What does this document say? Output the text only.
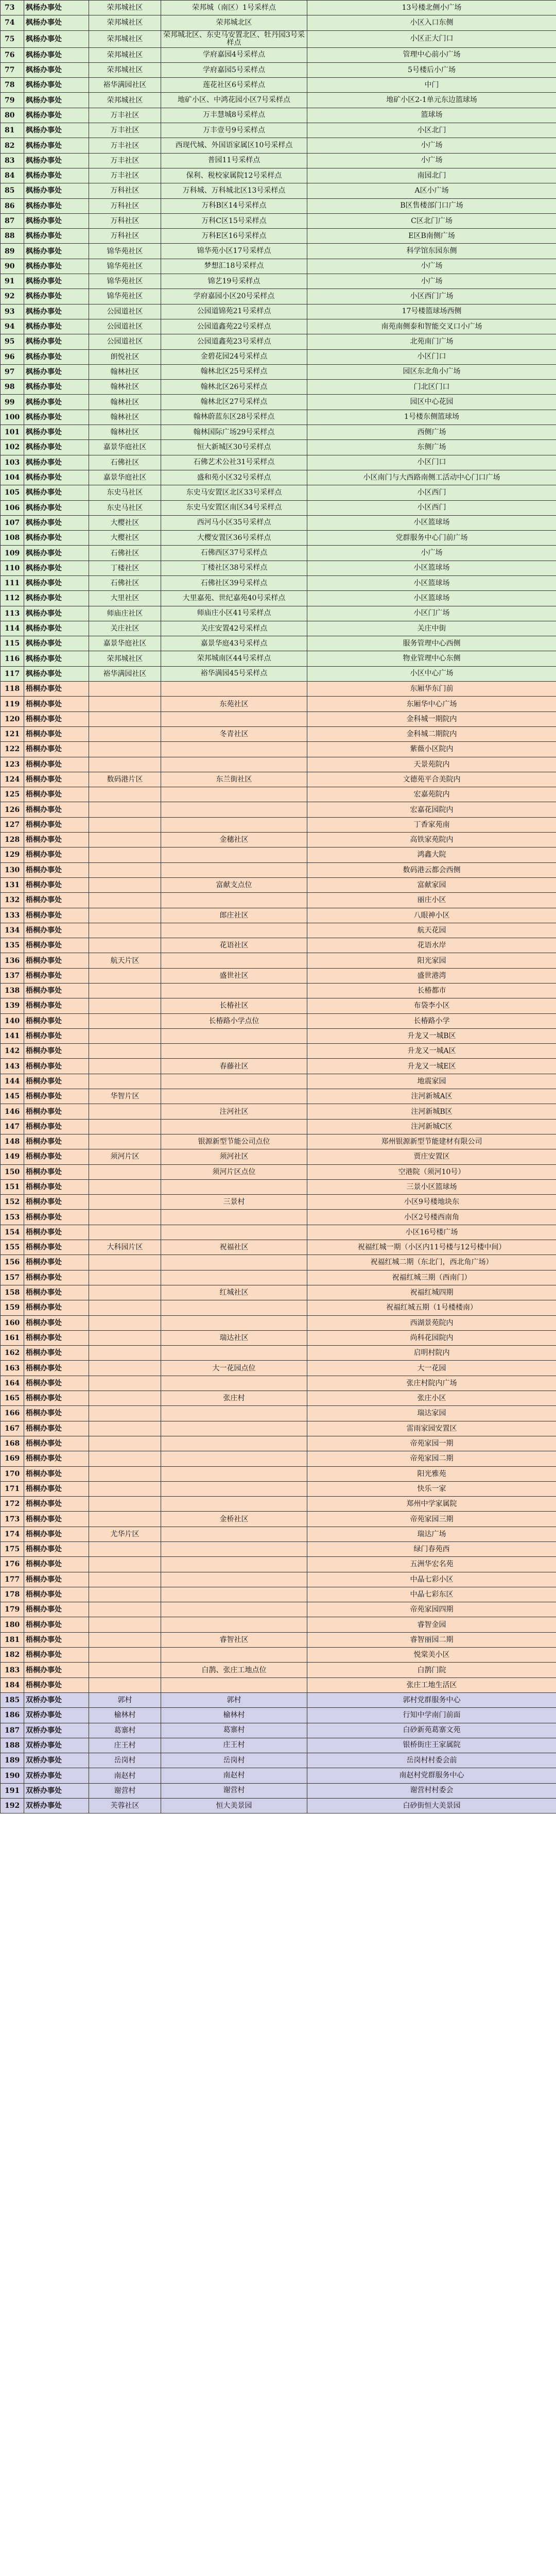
73	枫杨办事处	荣邦城社区	荣邦城（南区）1号采样点	13号楼北侧小广场
74	枫杨办事处	荣邦城社区	荣邦城北区	小区入口东侧
75	枫杨办事处	荣邦城社区	荣邦城北区、东史马安置北区、牡丹园3号采样点	小区正大门口
76	枫杨办事处	荣邦城社区	学府嘉园4号采样点	管理中心前小广场
77	枫杨办事处	荣邦城社区	学府嘉园5号采样点	5号楼后小广场
78	枫杨办事处	裕华满园社区	莲花社区6号采样点	中门
79	枫杨办事处	荣邦城社区	地矿小区、中鸿花园小区7号采样点	地矿小区2-1单元东边篮球场
80	枫杨办事处	万丰社区	万丰慧城8号采样点	篮球场
81	枫杨办事处	万丰社区	万丰壹号9号采样点	小区北门
82	枫杨办事处	万丰社区	西现代城、外国语家属区10号采样点	小广场
83	枫杨办事处	万丰社区	普园11号采样点	小广场
84	枫杨办事处	万丰社区	保利、税校家属院12号采样点	南园北门
85	枫杨办事处	万科社区	万科城、万科城北区13号采样点	A区小广场
86	枫杨办事处	万科社区	万科B区14号采样点	B区售楼部门口广场
87	枫杨办事处	万科社区	万科C区15号采样点	C区北门广场
88	枫杨办事处	万科社区	万科E区16号采样点	E区B南侧广场
89	枫杨办事处	锦华苑社区	锦华苑小区17号采样点	科学馆东园东侧
90	枫杨办事处	锦华苑社区	梦想汇18号采样点	小广场
91	枫杨办事处	锦华苑社区	锦艺19号采样点	小广场
92	枫杨办事处	锦华苑社区	学府嘉园小区20号采样点	小区西门广场
93	枫杨办事处	公园道社区	公园道锦苑21号采样点	17号楼篮球场西侧
94	枫杨办事处	公园道社区	公园道鑫苑22号采样点	南苑南侧泰和智能交叉口小广场
95	枫杨办事处	公园道社区	公园道鑫苑23号采样点	北苑南门广场
96	枫杨办事处	朗悦社区	金碧花园24号采样点	小区门口
97	枫杨办事处	翰林社区	翰林北区25号采样点	园区东北角小广场
98	枫杨办事处	翰林社区	翰林北区26号采样点	门北区门口
99	枫杨办事处	翰林社区	翰林北区27号采样点	园区中心花园
100	枫杨办事处	翰林社区	翰林蔚蓝东区28号采样点	1号楼东侧篮球场
101	枫杨办事处	翰林社区	翰林国际广场29号采样点	西侧广场
102	枫杨办事处	嘉景华庭社区	恒大新城区30号采样点	东侧广场
103	枫杨办事处	石佛社区	石佛艺术公社31号采样点	小区门口
104	枫杨办事处	嘉景华庭社区	盛和苑小区32号采样点	小区南门与大西路南侧工活动中心门口广场
105	枫杨办事处	东史马社区	东史马安置区北区33号采样点	小区西门
106	枫杨办事处	东史马社区	东史马安置区南区34号采样点	小区西门
107	枫杨办事处	大樱社区	西河马小区35号采样点	小区篮球场
108	枫杨办事处	大樱社区	大樱安置区36号采样点	党群服务中心门前广场
109	枫杨办事处	石佛社区	石佛西区37号采样点	小广场
110	枫杨办事处	丁楼社区	丁楼社区38号采样点	小区篮球场
111	枫杨办事处	石佛社区	石佛社区39号采样点	小区篮球场
112	枫杨办事处	大里社区	大里嘉苑、世纪嘉苑40号采样点	小区篮球场
113	枫杨办事处	师庙庄社区	师庙庄小区41号采样点	小区门广场
114	枫杨办事处	关庄社区	关庄安置42号采样点	关庄中街
115	枫杨办事处	嘉景华庭社区	嘉景华庭43号采样点	服务管理中心西侧
116	枫杨办事处	荣邦城社区	荣邦城南区44号采样点	物业管理中心东侧
117	枫杨办事处	裕华满园社区	裕华满园45号采样点	小区中心广场
118	梧桐办事处			东厢华东门前
119	梧桐办事处		东苑社区	东厢华中心广场
120	梧桐办事处			金科城一期院内
121	梧桐办事处		冬青社区	金科城二期院内
122	梧桐办事处			紫薇小区院内
123	梧桐办事处			天景苑院内
124	梧桐办事处	数码港片区	东兰街社区	文德苑平合美院内
125	梧桐办事处			宏嘉苑院内
126	梧桐办事处			宏嘉花园院内
127	梧桐办事处			丁香家苑南
128	梧桐办事处		金穗社区	高铁家苑院内
129	梧桐办事处			鸿鑫大院
130	梧桐办事处			数码港云都会西侧
131	梧桐办事处		富献支点位	富献家园
132	梧桐办事处			丽庄小区
133	梧桐办事处		郎庄社区	八眼神小区
134	梧桐办事处			航天花园
135	梧桐办事处		花语社区	花语水岸
136	梧桐办事处	航天片区		阳光家园
137	梧桐办事处		盛世社区	盛世港湾
138	梧桐办事处			长椿都市
139	梧桐办事处		长椿社区	布袋李小区
140	梧桐办事处		长椿路小学点位	长椿路小学
141	梧桐办事处			升龙又一城B区
142	梧桐办事处			升龙又一城A区
143	梧桐办事处		春藤社区	升龙又一城E区
144	梧桐办事处			地震家园
145	梧桐办事处	华智片区		注河新城A区
146	梧桐办事处		注河社区	注河新城B区
147	梧桐办事处			注河新城C区
148	梧桐办事处		银源新型节能公司点位	郑州银源新型节能建材有限公司
149	梧桐办事处	须河片区	须河社区	贾庄安置区
150	梧桐办事处		须河片区点位	空港院（须河10号）
151	梧桐办事处			三景小区篮球场
152	梧桐办事处		三景村	小区9号楼地块东
153	梧桐办事处			小区2号楼西南角
154	梧桐办事处			小区16号楼广场
155	梧桐办事处	大科园片区	祝福社区	祝福红城一期（小区内11号楼与12号楼中间）
156	梧桐办事处			祝福红城二期（东北门，西北角广场）
157	梧桐办事处			祝福红城三期（西南门）
158	梧桐办事处		红城社区	祝福红城四期
159	梧桐办事处			祝福红城五期（1号楼楼南）
160	梧桐办事处			西湖景苑院内
161	梧桐办事处		瑞达社区	尚科花园院内
162	梧桐办事处			启明村院内
163	梧桐办事处		大一花园点位	大一花园
164	梧桐办事处			张庄村院内广场
165	梧桐办事处		张庄村	张庄小区
166	梧桐办事处			瑞达家园
167	梧桐办事处			雷雨家园安置区
168	梧桐办事处			帝苑家园一期
169	梧桐办事处			帝苑家园二期
170	梧桐办事处			阳光雅苑
171	梧桐办事处			快乐一家
172	梧桐办事处			郑州中学家属院
173	梧桐办事处		金桥社区	帝苑家园三期
174	梧桐办事处	尤华片区		瑞达广场
175	梧桐办事处			绿门春苑西
176	梧桐办事处			五洲华宏名苑
177	梧桐办事处			中晶七彩小区
178	梧桐办事处			中晶七彩东区
179	梧桐办事处			帝苑家园四期
180	梧桐办事处			睿智金园
181	梧桐办事处		睿智社区	睿智丽园二期
182	梧桐办事处			悦棠美小区
183	梧桐办事处		白鹊、张庄工地点位	白鹊门院
184	梧桐办事处			张庄工地生活区
185	双桥办事处	郭村	郭村	郭村党群服务中心
186	双桥办事处	榆林村	榆林村	行知中学南门前面
187	双桥办事处	葛寨村	葛寨村	白砂新苑葛寨文苑
188	双桥办事处	庄王村	庄王村	银桥街庄王家属院
189	双桥办事处	岳岗村	岳岗村	岳岗村村委会前
190	双桥办事处	南赵村	南赵村	南赵村党群服务中心
191	双桥办事处	谢营村	谢营村	谢营村村委会
192	双桥办事处	芙蓉社区	恒大美景园	白砂街恒大美景园
